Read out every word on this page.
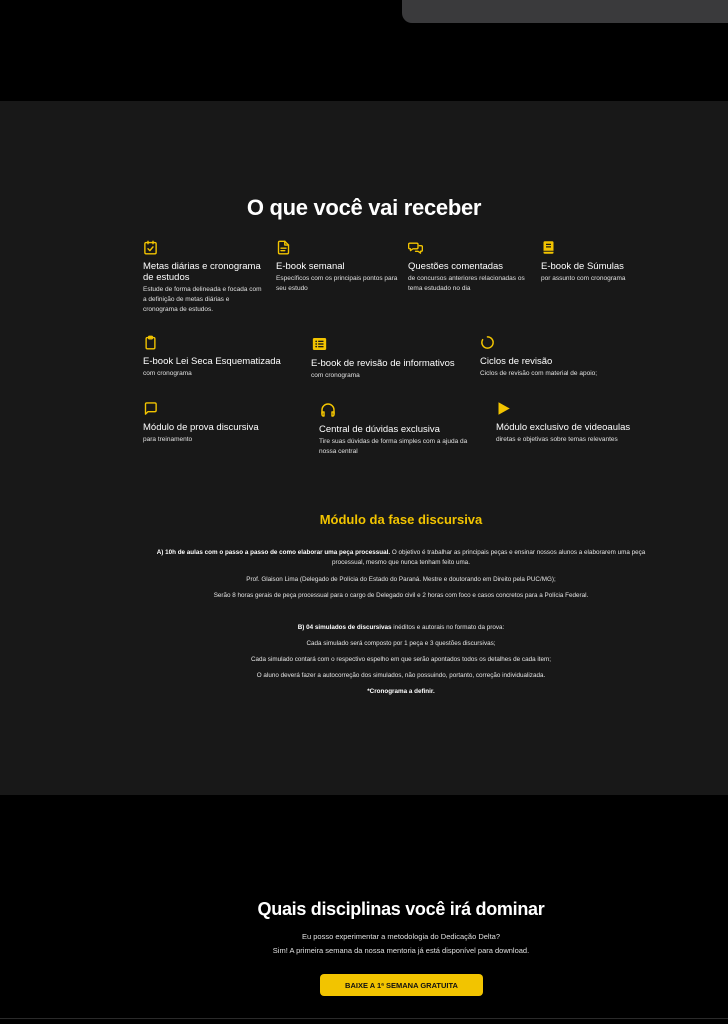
O que você vai receber
Metas diárias e cronograma de estudos
Estude de forma delineada e focada com a definição de metas diárias e cronograma de estudos.
E-book semanal
Específicos com os principais pontos para seu estudo
Questões comentadas
de concursos anteriores relacionadas os tema estudado no dia
E-book de Súmulas
por assunto com cronograma
E-book Lei Seca Esquematizada
com cronograma
E-book de revisão de informativos
com cronograma
Ciclos de revisão
Ciclos de revisão com material de apoio;
Módulo de prova discursiva
para treinamento
Central de dúvidas exclusiva
Tire suas dúvidas de forma simples com a ajuda da nossa central
Módulo exclusivo de videoaulas
diretas e objetivas sobre temas relevantes
Módulo da fase discursiva

A) 10h de aulas com o passo a passo de como elaborar uma peça processual. O objetivo é trabalhar as principais peças e ensinar nossos alunos a elaborarem uma peça processual, mesmo que nunca tenham feito uma.

Prof. Glaison Lima (Delegado de Polícia do Estado do Paraná. Mestre e doutorando em Direito pela PUC/MG);

Serão 8 horas gerais de peça processual para o cargo de Delegado civil e 2 horas com foco e casos concretos para a Polícia Federal.

B) 04 simulados de discursivas inéditos e autorais no formato da prova:

Cada simulado será composto por 1 peça e 3 questões discursivas;

Cada simulado contará com o respectivo espelho em que serão apontados todos os detalhes de cada item;

O aluno deverá fazer a autocorreção dos simulados, não possuindo, portanto, correção individualizada.

*Cronograma a definir.

Quais disciplinas você irá dominar

Eu posso experimentar a metodologia do Dedicação Delta?

Sim! A primeira semana da nossa mentoria já está disponível para download.

BAIXE A 1ª SEMANA GRATUITA
